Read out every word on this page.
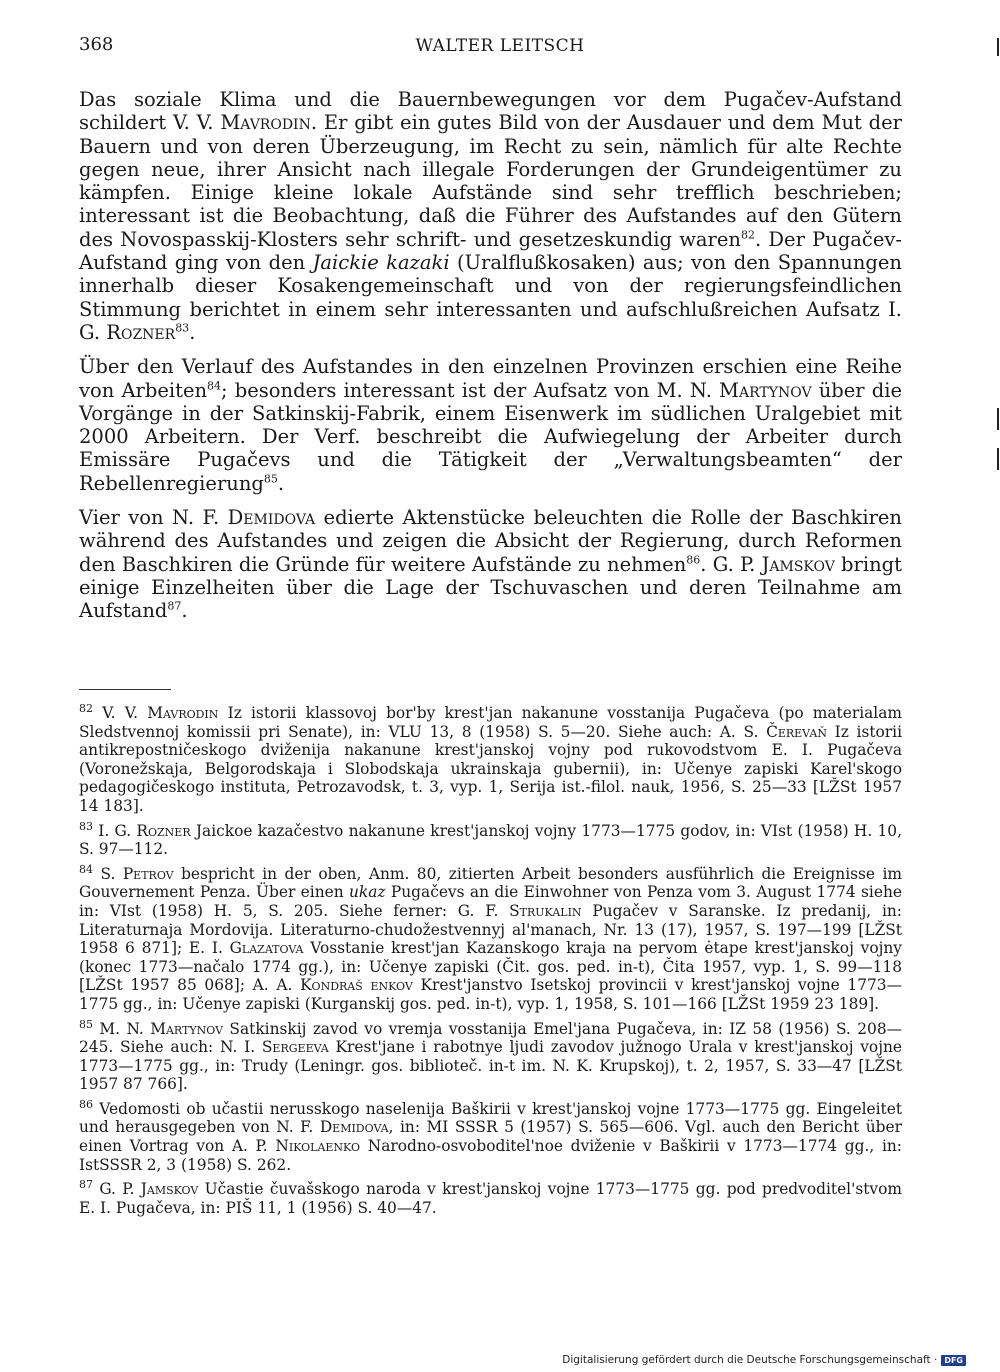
368	WALTER LEITSCH

Das soziale Klima und die Bauernbewegungen vor dem Pugačev-Aufstand schildert V. V. Mavrodin. Er gibt ein gutes Bild von der Ausdauer und dem Mut der Bauern und von deren Überzeugung, im Recht zu sein, nämlich für alte Rechte gegen neue, ihrer Ansicht nach illegale Forderungen der Grundeigentümer zu kämpfen. Einige kleine lokale Aufstände sind sehr trefflich beschrieben; interessant ist die Beobachtung, daß die Führer des Aufstandes auf den Gütern des Novospasskij-Klosters sehr schrift- und gesetzeskundig waren$^{82}$. Der Pugačev-Aufstand ging von den Jaickie kazaki (Uralflußkosaken) aus; von den Spannungen innerhalb dieser Kosakengemeinschaft und von der regierungsfeindlichen Stimmung berichtet in einem sehr interessanten und aufschlußreichen Aufsatz I. G. Rozner$^{83}$.

Über den Verlauf des Aufstandes in den einzelnen Provinzen erschien eine Reihe von Arbeiten$^{84}$; besonders interessant ist der Aufsatz von M. N. Martynov über die Vorgänge in der Satkinskij-Fabrik, einem Eisenwerk im südlichen Uralgebiet mit 2000 Arbeitern. Der Verf. beschreibt die Aufwiegelung der Arbeiter durch Emissäre Pugačevs und die Tätigkeit der „Verwaltungsbeamten“ der Rebellenregierung$^{85}$.

Vier von N. F. Demidova edierte Aktenstücke beleuchten die Rolle der Baschkiren während des Aufstandes und zeigen die Absicht der Regierung, durch Reformen den Baschkiren die Gründe für weitere Aufstände zu nehmen$^{86}$. G. P. Jamskov bringt einige Einzelheiten über die Lage der Tschuvaschen und deren Teilnahme am Aufstand$^{87}$.

$^{82}$ V. V. Mavrodin Iz istorii klassovoj bor'by krest'jan nakanune vosstanija Pugačeva (po materialam Sledstvennoj komissii pri Senate), in: VLU 13, 8 (1958) S. 5—20. Siehe auch: A. S. Čerevaň Iz istorii antikrepostničeskogo dviženija nakanune krest'janskoj vojny pod rukovodstvom E. I. Pugačeva (Voronežskaja, Belgorodskaja i Slobodskaja ukrainskaja gubernii), in: Učenye zapiski Karel'skogo pedagogičeskogo instituta, Petrozavodsk, t. 3, vyp. 1, Serija ist.-filol. nauk, 1956, S. 25—33 [LŽSt 1957 14 183].

$^{83}$ I. G. Rozner Jaickoe kazačestvo nakanune krest'janskoj vojny 1773—1775 godov, in: VIst (1958) H. 10, S. 97—112.

$^{84}$ S. Petrov bespricht in der oben, Anm. 80, zitierten Arbeit besonders ausführlich die Ereignisse im Gouvernement Penza. Über einen ukaz Pugačevs an die Einwohner von Penza vom 3. August 1774 siehe in: VIst (1958) H. 5, S. 205. Siehe ferner: G. F. Strukalin Pugačev v Saranske. Iz predanij, in: Literaturnaja Mordovija. Literaturno-chudožestvennyj al'manach, Nr. 13 (17), 1957, S. 197—199 [LŽSt 1958 6 871]; E. I. Glazatova Vosstanie krest'jan Kazanskogo kraja na pervom ėtape krest'janskoj vojny (konec 1773—načalo 1774 gg.), in: Učenye zapiski (Čit. gos. ped. in-t), Čita 1957, vyp. 1, S. 99—118 [LŽSt 1957 85 068]; A. A. Kondraš enkov Krest'janstvo Isetskoj provincii v krest'janskoj vojne 1773—1775 gg., in: Učenye zapiski (Kurganskij gos. ped. in-t), vyp. 1, 1958, S. 101—166 [LŽSt 1959 23 189].

$^{85}$ M. N. Martynov Satkinskij zavod vo vremja vosstanija Emel'jana Pugačeva, in: IZ 58 (1956) S. 208—245. Siehe auch: N. I. Sergeeva Krest'jane i rabotnye ljudi zavodov južnogo Urala v krest'janskoj vojne 1773—1775 gg., in: Trudy (Leningr. gos. bibliotеč. in-t im. N. K. Krupskoj), t. 2, 1957, S. 33—47 [LŽSt 1957 87 766].

$^{86}$ Vedomosti ob učastii nerusskogo naselenija Baškirii v krest'janskoj vojne 1773—1775 gg. Eingeleitet und herausgegeben von N. F. Demidova, in: MI SSSR 5 (1957) S. 565—606. Vgl. auch den Bericht über einen Vortrag von A. P. Nikolaenko Narodno-osvoboditel'noe dviženie v Baškirii v 1773—1774 gg., in: IstSSSR 2, 3 (1958) S. 262.

$^{87}$ G. P. Jamskov Učastie čuvašskogo naroda v krest'janskoj vojne 1773—1775 gg. pod predvoditel'stvom E. I. Pugačeva, in: PIŠ 11, 1 (1956) S. 40—47.

Digitalisierung gefördert durch die Deutsche Forschungsgemeinschaft · DFG
